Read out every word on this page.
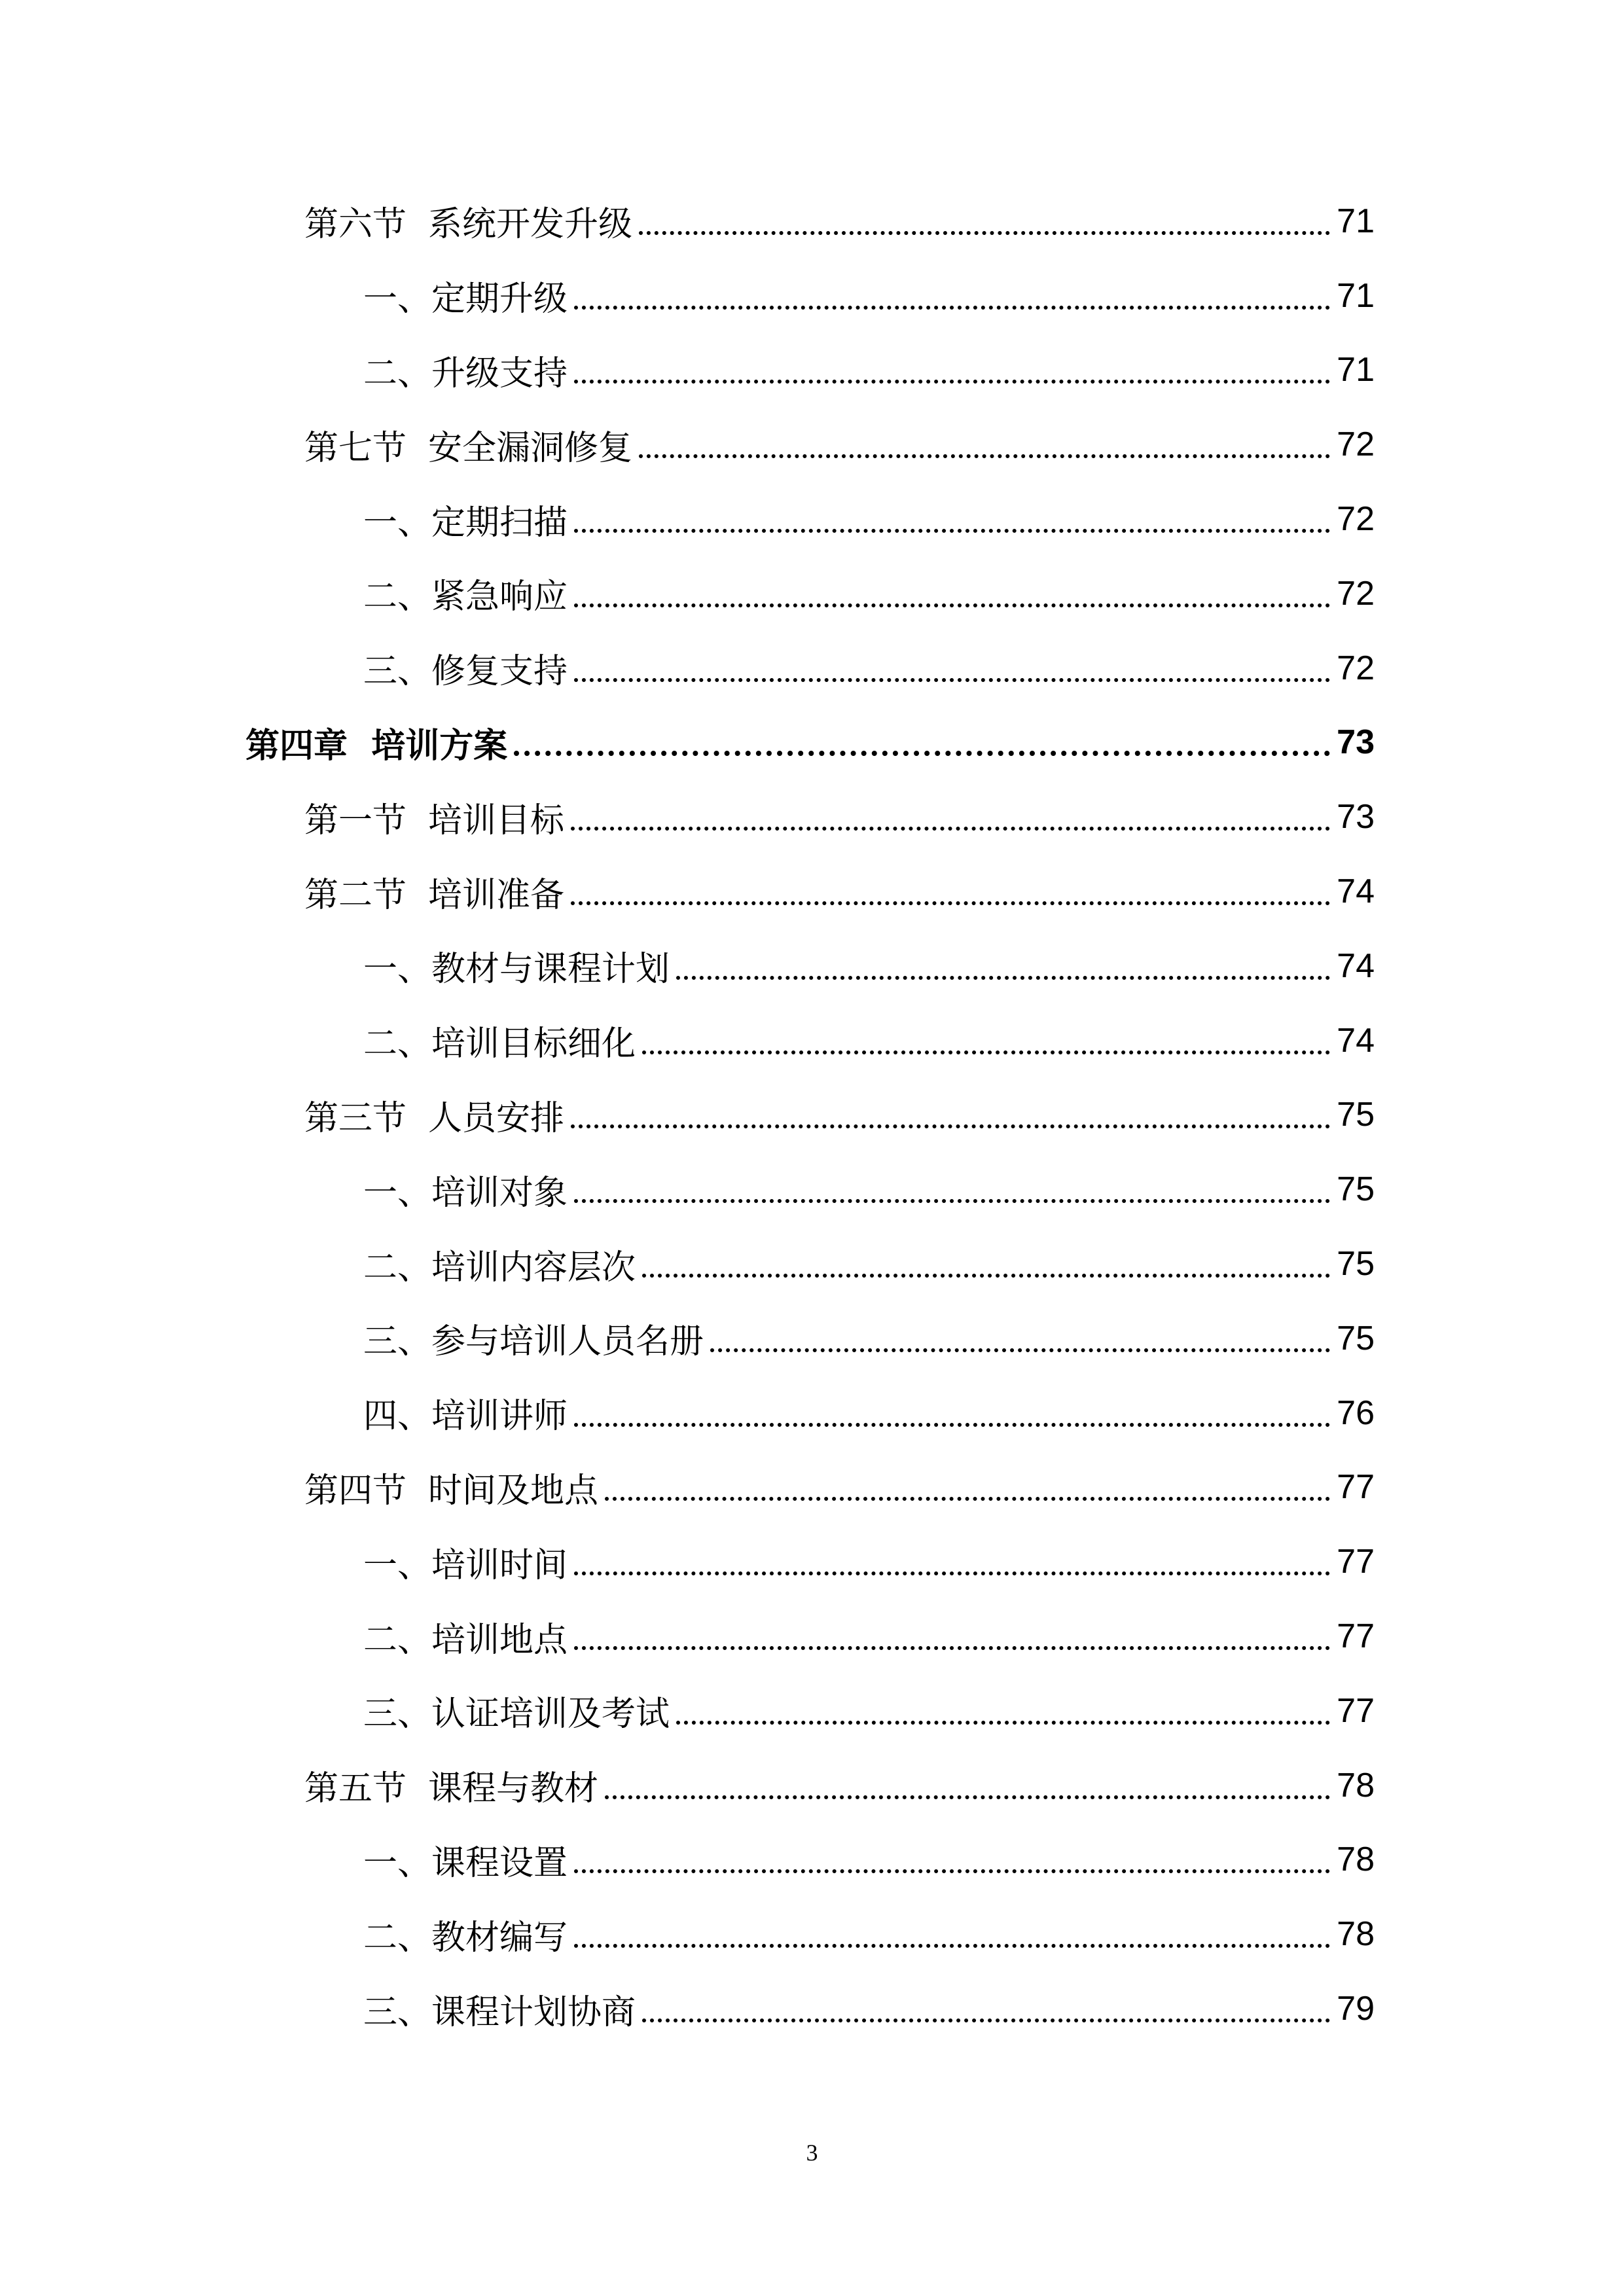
第六节  系统开发升级	71
一、定期升级	71
二、升级支持	71
第七节  安全漏洞修复	72
一、定期扫描	72
二、紧急响应	72
三、修复支持	72
第四章  培训方案	73
第一节  培训目标	73
第二节  培训准备	74
一、教材与课程计划	74
二、培训目标细化	74
第三节  人员安排	75
一、培训对象	75
二、培训内容层次	75
三、参与培训人员名册	75
四、培训讲师	76
第四节  时间及地点	77
一、培训时间	77
二、培训地点	77
三、认证培训及考试	77
第五节  课程与教材	78
一、课程设置	78
二、教材编写	78
三、课程计划协商	79
3
